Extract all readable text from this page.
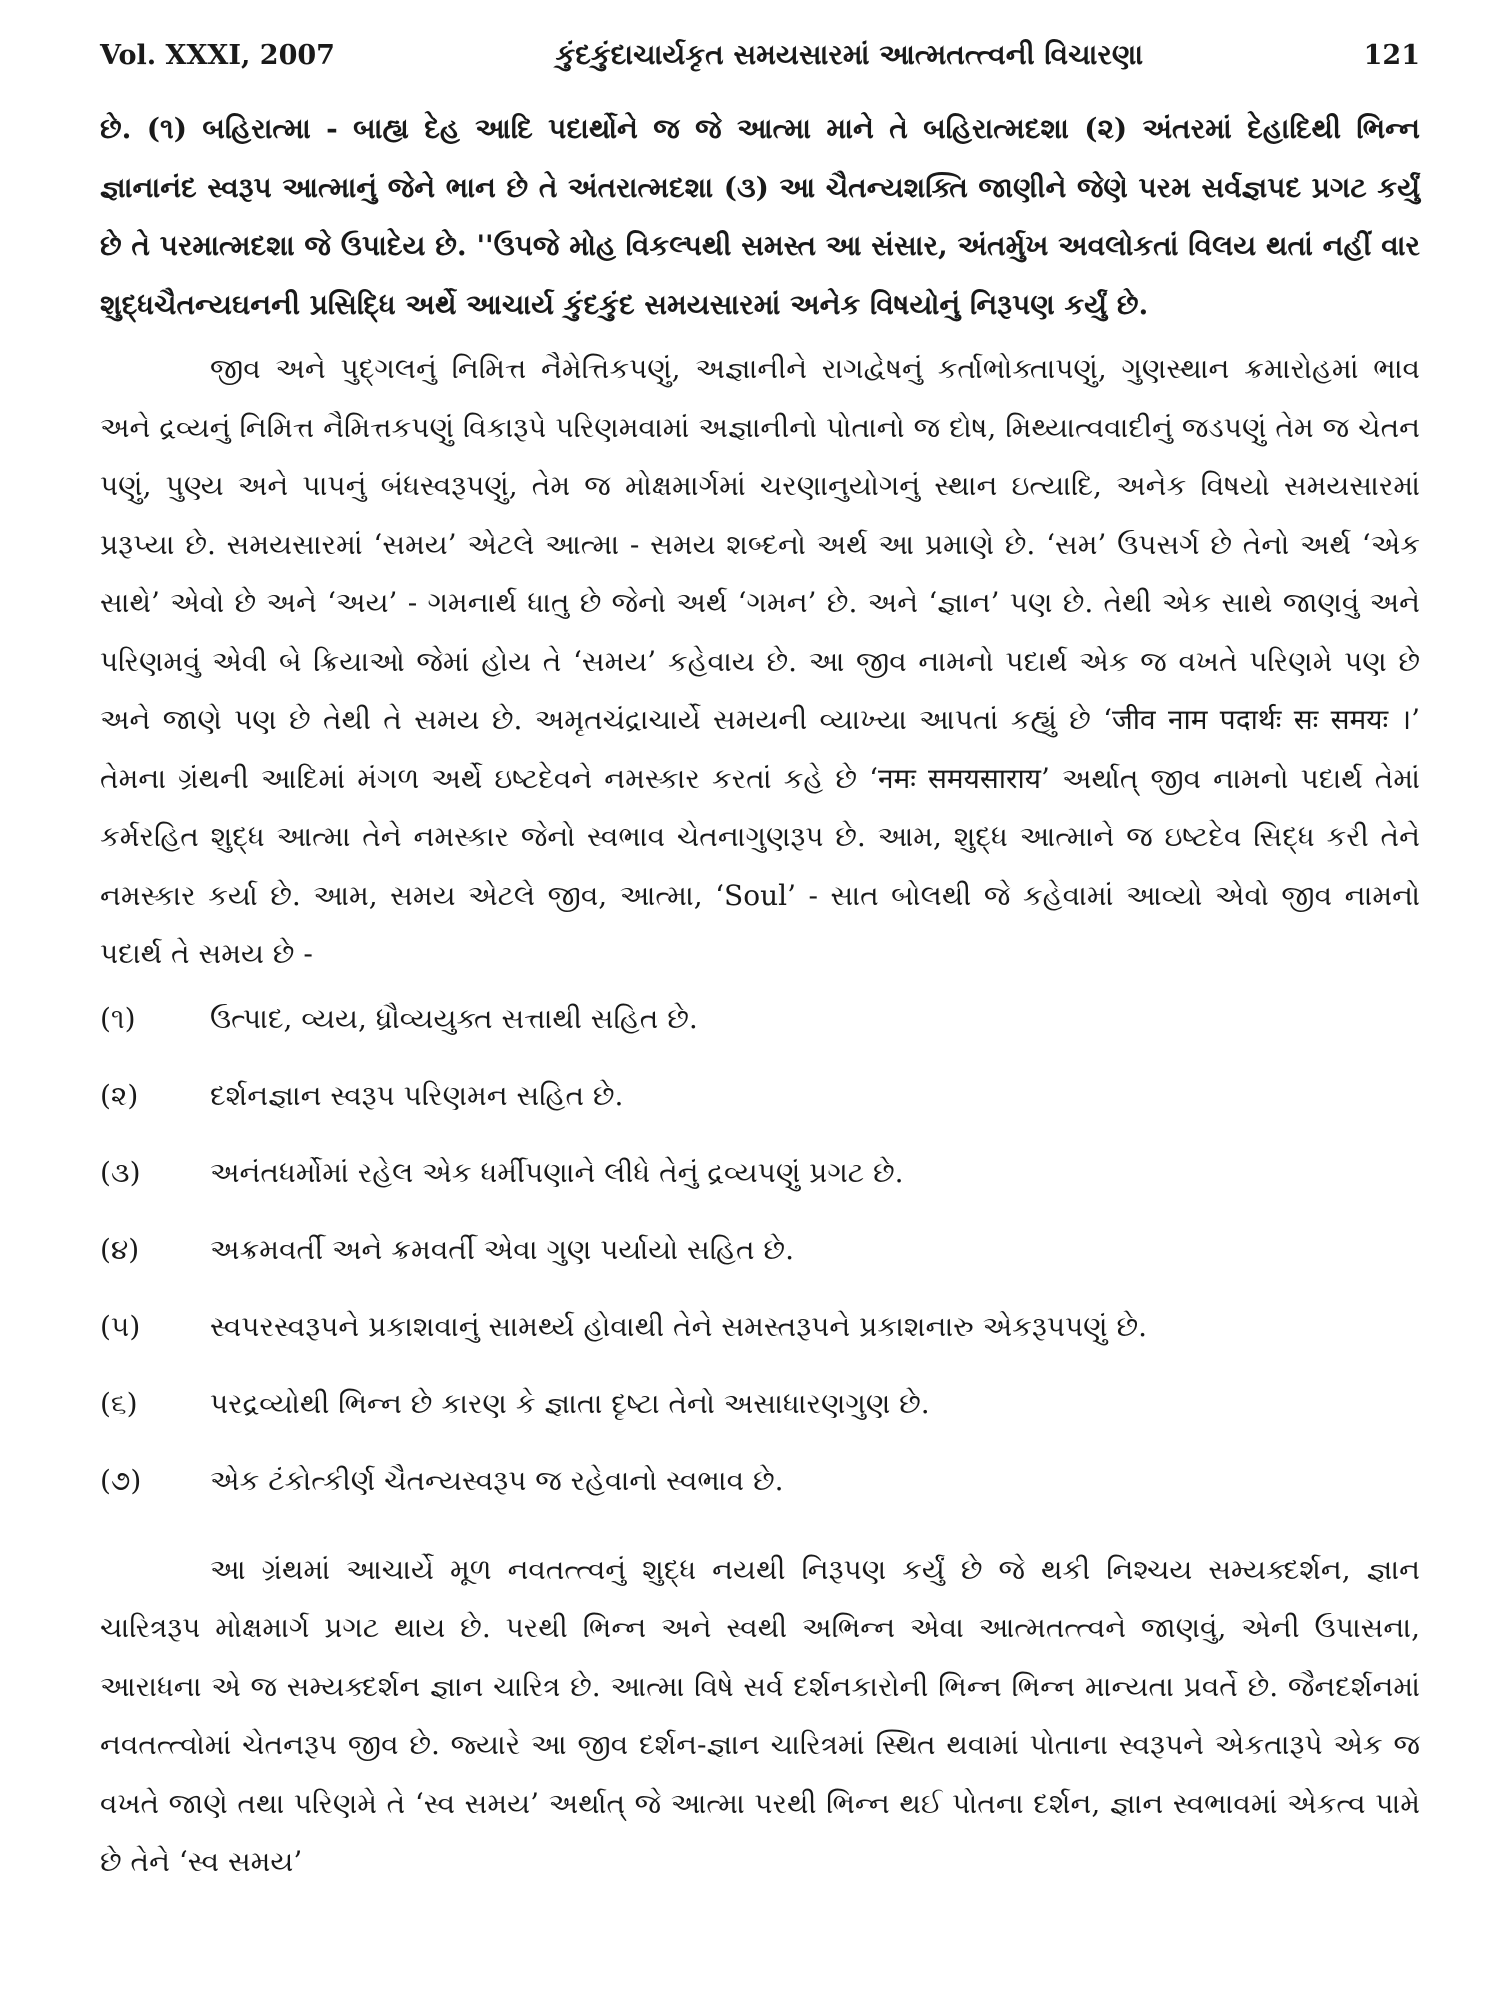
Vol. XXXI, 2007	કુંદકુંદાચાર્યકૃત સમયસારમાં આત્મતત્ત્વની વિચારણા	121

છે. (૧) બહિરાત્મા - બાહ્ય દેહ આદિ પદાર્થોને જ જે આત્મા માને તે બહિરાત્મદશા (૨) અંતરમાં દેહાદિથી ભિન્ન જ્ઞાનાનંદ સ્વરૂપ આત્માનું જેને ભાન છે તે અંતરાત્મદશા (૩) આ ચૈતન્યશક્તિ જાણીને જેણે પરમ સર્વજ્ઞપદ પ્રગટ કર્યું છે તે પરમાત્મદશા જે ઉપાદેય છે. ''ઉપજે મોહ વિકલ્પથી સમસ્ત આ સંસાર, અંતર્મુખ અવલોકતાં વિલય થતાં નહીં વાર શુદ્ધચૈતન્યઘનની પ્રસિદ્ધિ અર્થે આચાર્ય કુંદકુંદ સમયસારમાં અનેક વિષયોનું નિરૂપણ કર્યું છે.

જીવ અને પુદ્ગલનું નિમિત્ત નૈમેત્તિકપણું, અજ્ઞાનીને રાગદ્વેષનું કર્તાભોક્તાપણું, ગુણસ્થાન ક્રમારોહમાં ભાવ અને દ્રવ્યનું નિમિત્ત નૈમિત્તકપણું વિકારૂપે પરિણમવામાં અજ્ઞાનીનો પોતાનો જ દોષ, મિથ્યાત્વવાદીનું જડપણું તેમ જ ચેતન પણું, પુણ્ય અને પાપનું બંધસ્વરૂપણું, તેમ જ મોક્ષમાર્ગમાં ચરણાનુયોગનું સ્થાન ઇત્યાદિ, અનેક વિષયો સમયસારમાં પ્રરૂપ્યા છે. સમયસારમાં ‘સમય’ એટલે આત્મા - સમય શબ્દનો અર્થ આ પ્રમાણે છે. ‘સમ’ ઉપસર્ગ છે તેનો અર્થ ‘એક સાથે’ એવો છે અને ‘અય’ - ગમનાર્થ ધાતુ છે જેનો અર્થ ‘ગમન’ છે. અને ‘જ્ઞાન’ પણ છે. તેથી એક સાથે જાણવું અને પરિણમવું એવી બે ક્રિયાઓ જેમાં હોય તે ‘સમય’ કહેવાય છે. આ જીવ નામનો પદાર્થ એક જ વખતે પરિણમે પણ છે અને જાણે પણ છે તેથી તે સમય છે. અમૃતચંદ્રાચાર્યે સમયની વ્યાખ્યા આપતાં કહ્યું છે ‘जीव नाम पदार्थः सः समयः ।’ તેમના ગ્રંથની આદિમાં મંગળ અર્થે ઇષ્ટદેવને નમસ્કાર કરતાં કહે છે ‘नमः समयसाराय’ અર્થાત્ જીવ નામનો પદાર્થ તેમાં કર્મરહિત શુદ્ધ આત્મા તેને નમસ્કાર જેનો સ્વભાવ ચેતનાગુણરૂપ છે. આમ, શુદ્ધ આત્માને જ ઇષ્ટદેવ સિદ્ધ કરી તેને નમસ્કાર કર્યા છે. આમ, સમય એટલે જીવ, આત્મા, ‘Soul’ - સાત બોલથી જે કહેવામાં આવ્યો એવો જીવ નામનો પદાર્થ તે સમય છે -

(૧)	ઉત્પાદ, વ્યય, ધ્રૌવ્યયુક્ત સત્તાથી સહિત છે.
(૨)	દર્શનજ્ઞાન સ્વરૂપ પરિણમન સહિત છે.
(૩)	અનંતધર્મોમાં રહેલ એક ધર્મીપણાને લીધે તેનું દ્રવ્યપણું પ્રગટ છે.
(૪)	અક્રમવર્તી અને ક્રમવર્તી એવા ગુણ પર્યાયો સહિત છે.
(૫)	સ્વપરસ્વરૂપને પ્રકાશવાનું સામર્થ્ય હોવાથી તેને સમસ્તરૂપને પ્રકાશનારુ એકરૂપપણું છે.
(૬)	પરદ્રવ્યોથી ભિન્ન છે કારણ કે જ્ઞાતા દૃષ્ટા તેનો અસાધારણગુણ છે.
(૭)	એક ટંકોત્કીર્ણ ચૈતન્યસ્વરૂપ જ રહેવાનો સ્વભાવ છે.

આ ગ્રંથમાં આચાર્યે મૂળ નવતત્ત્વનું શુદ્ધ નયથી નિરૂપણ કર્યું છે જે થકી નિશ્ચય સમ્યક્દર્શન, જ્ઞાન ચારિત્રરૂપ મોક્ષમાર્ગ પ્રગટ થાય છે. પરથી ભિન્ન અને સ્વથી અભિન્ન એવા આત્મતત્ત્વને જાણવું, એની ઉપાસના, આરાધના એ જ સમ્યક્દર્શન જ્ઞાન ચારિત્ર છે. આત્મા વિષે સર્વ દર્શનકારોની ભિન્ન ભિન્ન માન્યતા પ્રવર્તે છે. જૈનદર્શનમાં નવતત્ત્વોમાં ચેતનરૂપ જીવ છે. જ્યારે આ જીવ દર્શન-જ્ઞાન ચારિત્રમાં સ્થિત થવામાં પોતાના સ્વરૂપને એકતારૂપે એક જ વખતે જાણે તથા પરિણમે તે ‘સ્વ સમય’ અર્થાત્ જે આત્મા પરથી ભિન્ન થઈ પોતના દર્શન, જ્ઞાન સ્વભાવમાં એકત્વ પામે છે તેને ‘સ્વ સમય’
